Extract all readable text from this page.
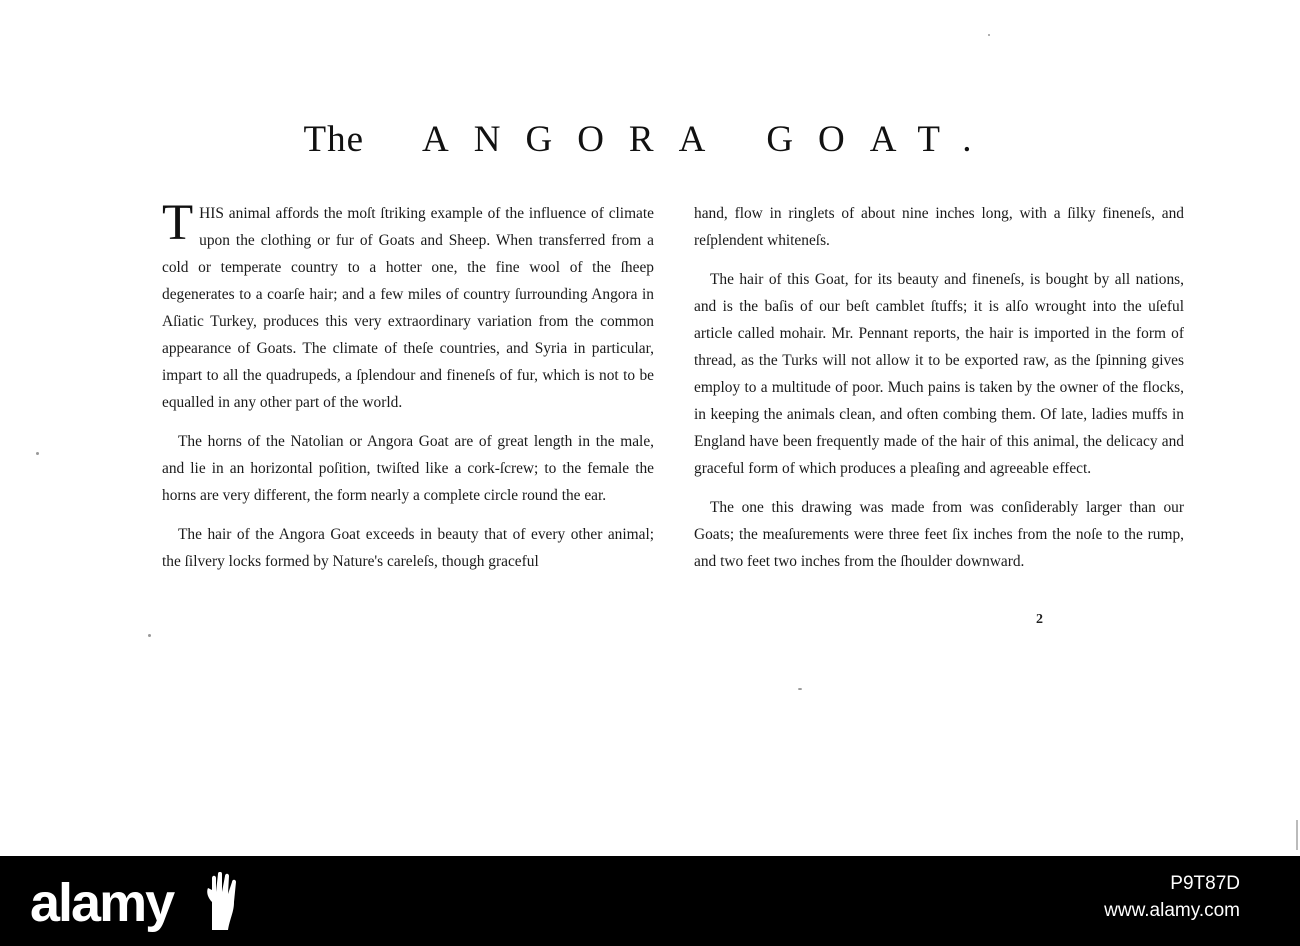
The ANGORA GOAT.

THIS animal affords the moſt ſtriking example of the influence of climate upon the clothing or fur of Goats and Sheep. When transferred from a cold or temperate country to a hotter one, the fine wool of the ſheep degenerates to a coarſe hair; and a few miles of country ſurrounding Angora in Aſiatic Turkey, produces this very extraordinary variation from the common appearance of Goats. The climate of theſe countries, and Syria in particular, impart to all the quadrupeds, a ſplendour and fineneſs of fur, which is not to be equalled in any other part of the world.

The horns of the Natolian or Angora Goat are of great length in the male, and lie in an horizontal poſition, twiſted like a cork-ſcrew; to the female the horns are very different, the form nearly a complete circle round the ear.

The hair of the Angora Goat exceeds in beauty that of every other animal; the ſilvery locks formed by Nature's careleſs, though graceful

hand, flow in ringlets of about nine inches long, with a ſilky fineneſs, and reſplendent whiteneſs.

The hair of this Goat, for its beauty and fineneſs, is bought by all nations, and is the baſis of our beſt camblet ſtuffs; it is alſo wrought into the uſeful article called mohair. Mr. Pennant reports, the hair is imported in the form of thread, as the Turks will not allow it to be exported raw, as the ſpinning gives employ to a multitude of poor. Much pains is taken by the owner of the flocks, in keeping the animals clean, and often combing them. Of late, ladies muffs in England have been frequently made of the hair of this animal, the delicacy and graceful form of which produces a pleaſing and agreeable effect.

The one this drawing was made from was conſiderably larger than our Goats; the meaſurements were three feet ſix inches from the noſe to the rump, and two feet two inches from the ſhoulder downward.

2
alamy	P9T87D
www.alamy.com
